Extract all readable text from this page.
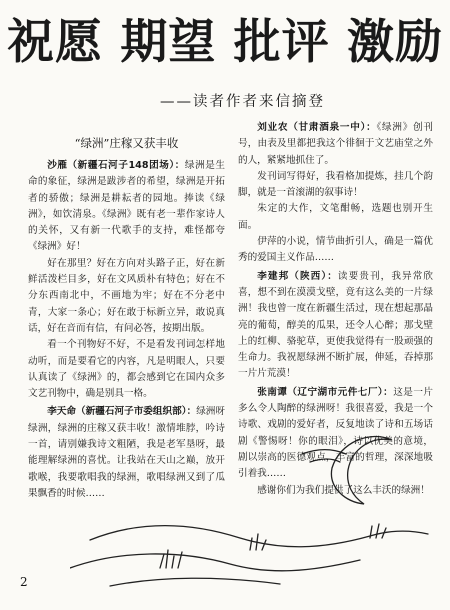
祝愿 期望 批评 激励
——读者作者来信摘登
“绿洲”庄稼又获丰收

沙雁（新疆石河子148团场）：绿洲是生命的象征，绿洲是跋涉者的希望，绿洲是开拓者的骄傲；绿洲是耕耘者的园地。捧读《绿洲》，如饮清泉。《绿洲》既有老一辈作家诗人的关怀，又有新一代歌手的支持，难怪都夸《绿洲》好！

好在那里？好在方向对头路子正，好在新鲜活泼栏目多，好在文风质朴有特色；好在不分东西南北中，不画地为牢；好在不分老中青，大家一条心；好在敢于标新立异，敢说真话，好在音而有信，有问必答，按期出版。

看一个刊物好不好，不是看发刊词怎样地动听，而是要看它的内容，凡是明眼人，只要认真读了《绿洲》的，都会感到它在国内众多文艺刊物中，确是别具一格。

李天命（新疆石河子市委组织部）：绿洲呀绿洲，绿洲的庄稼又获丰收！激情堆脖，吟诗一首，请别嫌我诗文粗陋，我是老军垦呀，最能理解绿洲的喜忧。让我站在天山之巅，放开歌喉，我要歌唱我的绿洲，歌唱绿洲又到了瓜果飘香的时候……

刘业农（甘肃酒泉一中）：《绿洲》创刊号，由表及里都把我这个徘徊于文艺庙堂之外的人，紧紧地抓住了。

发刊词写得好，我看格加提炼，挂几个韵脚，就是一首滚湖的叙事诗！

朱定的大作，文笔酣畅，选题也别开生面。

伊萍的小说，情节曲折引人，确是一篇优秀的爱国主义作品……

李建邦（陕西）：读要贵刊，我异常欣喜，想不到在漠漠戈壁，竟有这么美的一片绿洲！我也曾一度在新疆生活过，现在想起那晶亮的葡萄，醇美的瓜果，还令人心醉；那戈壁上的红柳、骆驼草，更使我觉得有一股顽强的生命力。我祝愿绿洲不断扩展，伸延，吞掉那一片片荒漠！

张南谭（辽宁湖市元件七厂）：这是一片多么令人陶醉的绿洲呀！我很喜爱，我是一个诗歌、戏剧的爱好者，反复地读了诗和五场话剧《警惕呀！你的眼泪》，诗以优美的意境，剧以崇高的医德观点，丰富的哲理，深深地吸引着我……

感谢你们为我们提供了这么丰沃的绿洲！

2
